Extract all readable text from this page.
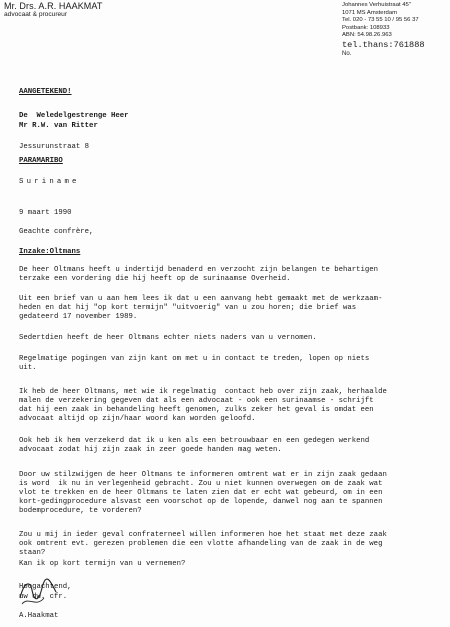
Mr. Drs. A.R. HAAKMAT
advocaat & procureur
Johannes Verhuistraat 45"
1071 MS Amsterdam
Tel. 020 - 73 55 10 / 95 56 37
Postbank: 108933
ABN: 54.98.26.963
tel.thans:761888
No.
AANGETEKEND!
De  Weledelgestrenge Heer
Mr R.W. van Ritter
Jessurunstraat 8
PARAMARIBO
Suriname
9 maart 1990
Geachte confrère,
Inzake:Oltmans
De heer Oltmans heeft u indertijd benaderd en verzocht zijn belangen te behartigen
terzake een vordering die hij heeft op de surinaamse Overheid.
Uit een brief van u aan hem lees ik dat u een aanvang hebt gemaakt met de werkzaam-
heden en dat hij "op kort termijn" "uitvoerig" van u zou horen; die brief was
gedateerd 17 november 1989.
Sedertdien heeft de heer Oltmans echter niets naders van u vernomen.
Regelmatige pogingen van zijn kant om met u in contact te treden, lopen op niets
uit.
Ik heb de heer Oltmans, met wie ik regelmatig  contact heb over zijn zaak, herhaalde
malen de verzekering gegeven dat als een advocaat - ook een surinaamse - schrijft
dat hij een zaak in behandeling heeft genomen, zulks zeker het geval is omdat een
advocaat altijd op zijn/haar woord kan worden geloofd.
Ook heb ik hem verzekerd dat ik u ken als een betrouwbaar en een gedegen werkend
advocaat zodat hij zijn zaak in zeer goede handen mag weten.
Door uw stilzwijgen de heer Oltmans te informeren omtrent wat er in zijn zaak gedaan
is word  ik nu in verlegenheid gebracht. Zou u niet kunnen overwegen om de zaak wat
vlot te trekken en de heer Oltmans te laten zien dat er echt wat gebeurd, om in een
kort-gedingprocedure alsvast een voorschot op de lopende, danwel nog aan te spannen
bodemprocedure, te vorderen?
Zou u mij in ieder geval confraterneel willen informeren hoe het staat met deze zaak
ook omtrent evt. gerezen problemen die een vlotte afhandeling van de zaak in de weg
staan?
Kan ik op kort termijn van u vernemen?
Hoogachtend,
uw dw. cfr.
A.Haakmat
